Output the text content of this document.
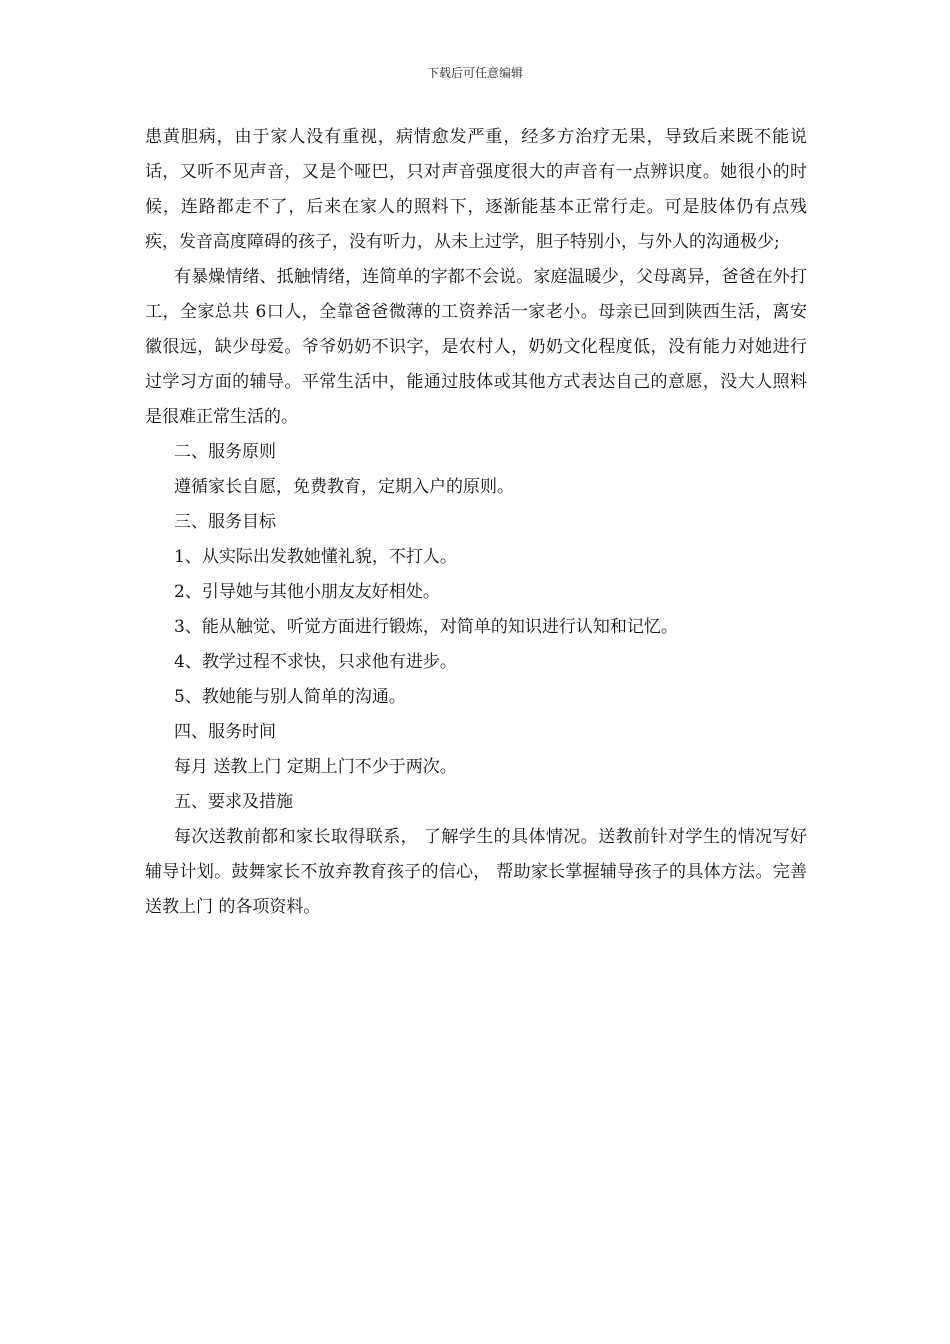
下载后可任意编辑

患黄胆病，由于家人没有重视，病情愈发严重，经多方治疗无果，导致后来既不能说话，又听不见声音，又是个哑巴，只对声音强度很大的声音有一点辨识度。她很小的时候，连路都走不了，后来在家人的照料下，逐渐能基本正常行走。可是肢体仍有点残疾，发音高度障碍的孩子，没有听力，从未上过学，胆子特别小，与外人的沟通极少;

有暴燥情绪、抵触情绪，连简单的字都不会说。家庭温暖少，父母离异，爸爸在外打工，全家总共 6口人，全靠爸爸微薄的工资养活一家老小。母亲已回到陕西生活，离安徽很远，缺少母爱。爷爷奶奶不识字，是农村人，奶奶文化程度低，没有能力对她进行过学习方面的辅导。平常生活中，能通过肢体或其他方式表达自己的意愿，没大人照料是很难正常生活的。

二、服务原则

遵循家长自愿，免费教育，定期入户的原则。

三、服务目标

1、从实际出发教她懂礼貌，不打人。

2、引导她与其他小朋友友好相处。

3、能从触觉、听觉方面进行锻炼，对简单的知识进行认知和记忆。

4、教学过程不求快，只求他有进步。

5、教她能与别人简单的沟通。

四、服务时间

每月 送教上门 定期上门不少于两次。

五、要求及措施

每次送教前都和家长取得联系， 了解学生的具体情况。送教前针对学生的情况写好辅导计划。鼓舞家长不放弃教育孩子的信心， 帮助家长掌握辅导孩子的具体方法。完善 送教上门 的各项资料。
